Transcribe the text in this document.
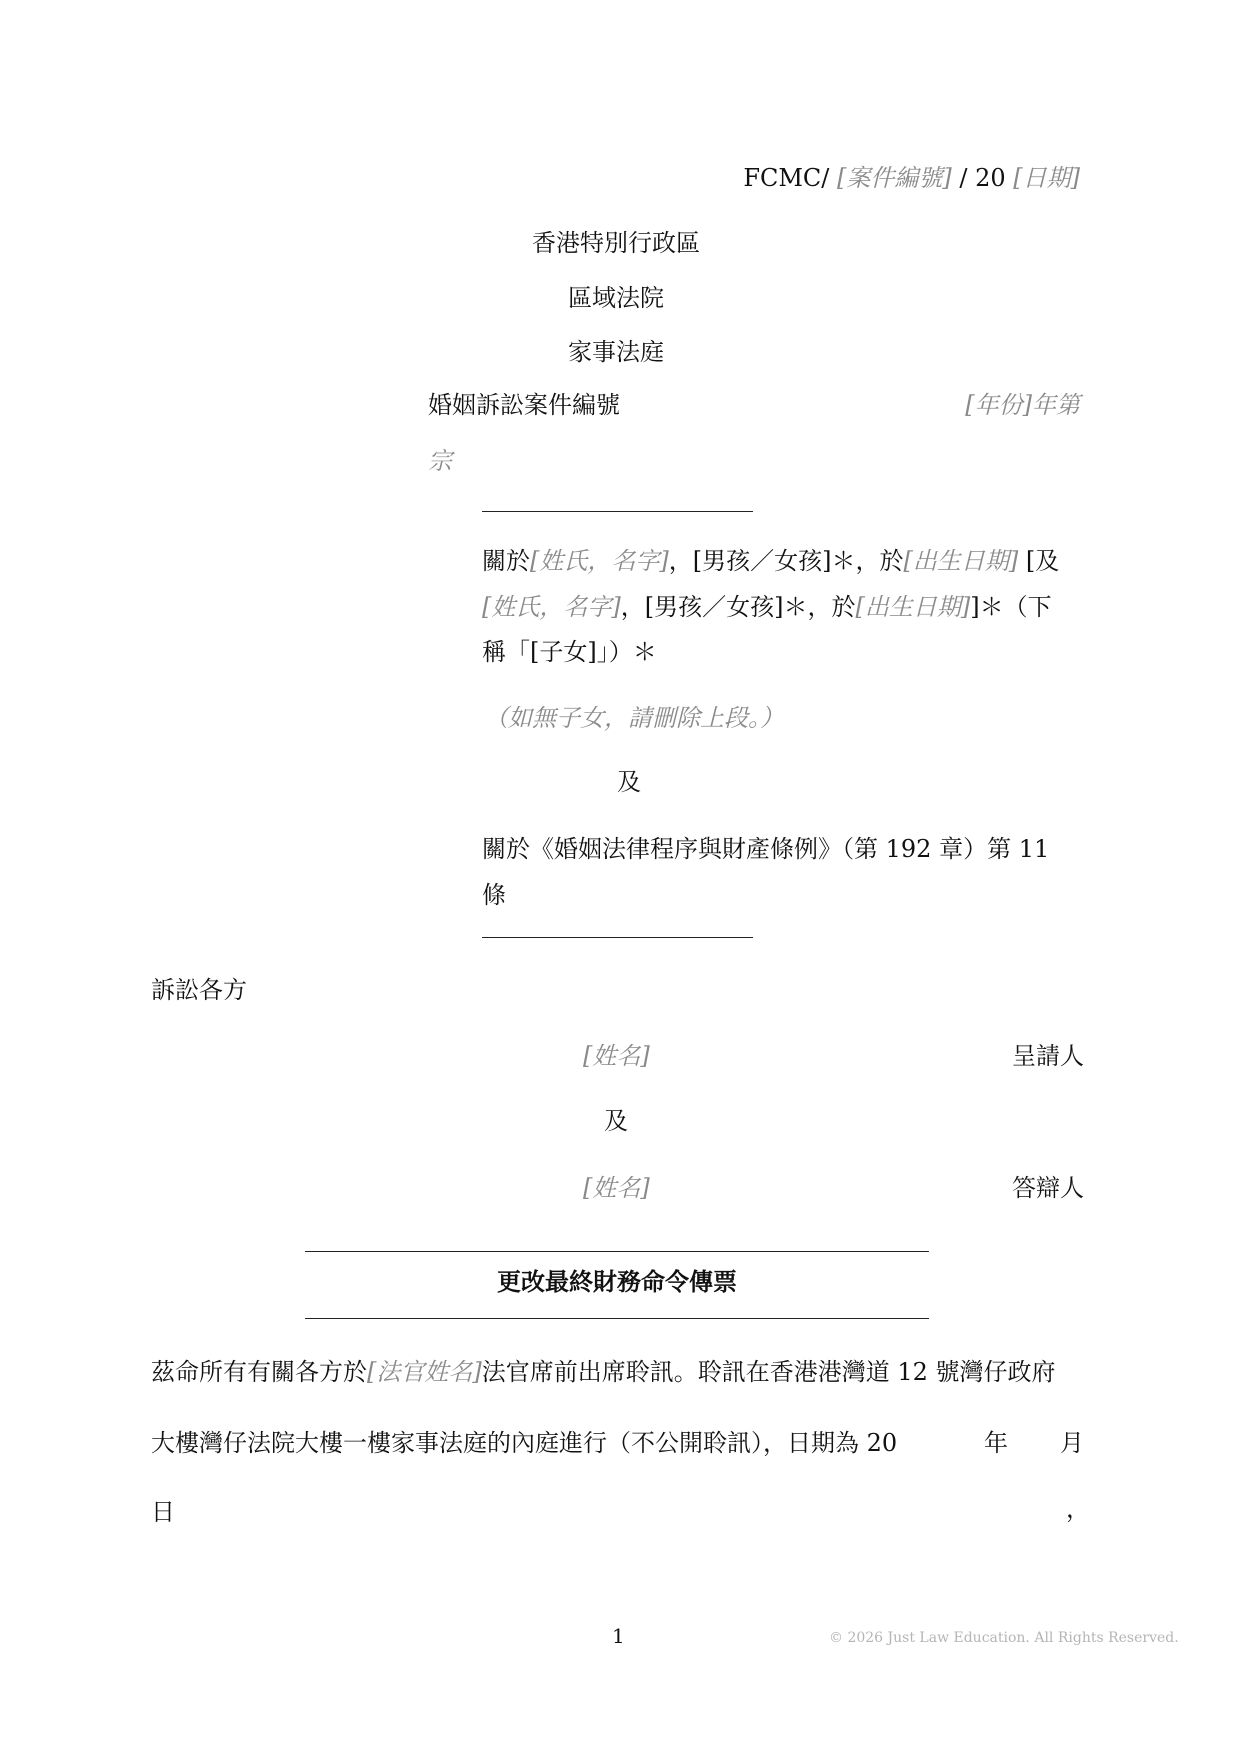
FCMC/ [案件編號] / 20 [日期]
香港特別行政區
區域法院
家事法庭
婚姻訴訟案件編號	[年份]年第
宗
關於[姓氏，名字]，[男孩／女孩]＊，於[出生日期] [及
[姓氏，名字]，[男孩／女孩]＊，於[出生日期]]＊（下
稱「[子女]」）＊
（如無子女，請刪除上段。）
及
關於《婚姻法律程序與財產條例》（第 192 章）第 11
條
訴訟各方
[姓名]	呈請人
及
[姓名]	答辯人
更改最終財務命令傳票
茲命所有有關各方於[法官姓名]法官席前出席聆訊。聆訊在香港港灣道 12 號灣仔政府
大樓灣仔法院大樓一樓家事法庭的內庭進行（不公開聆訊），日期為 20	年 月
日	，
1	© 2026 Just Law Education. All Rights Reserved.
